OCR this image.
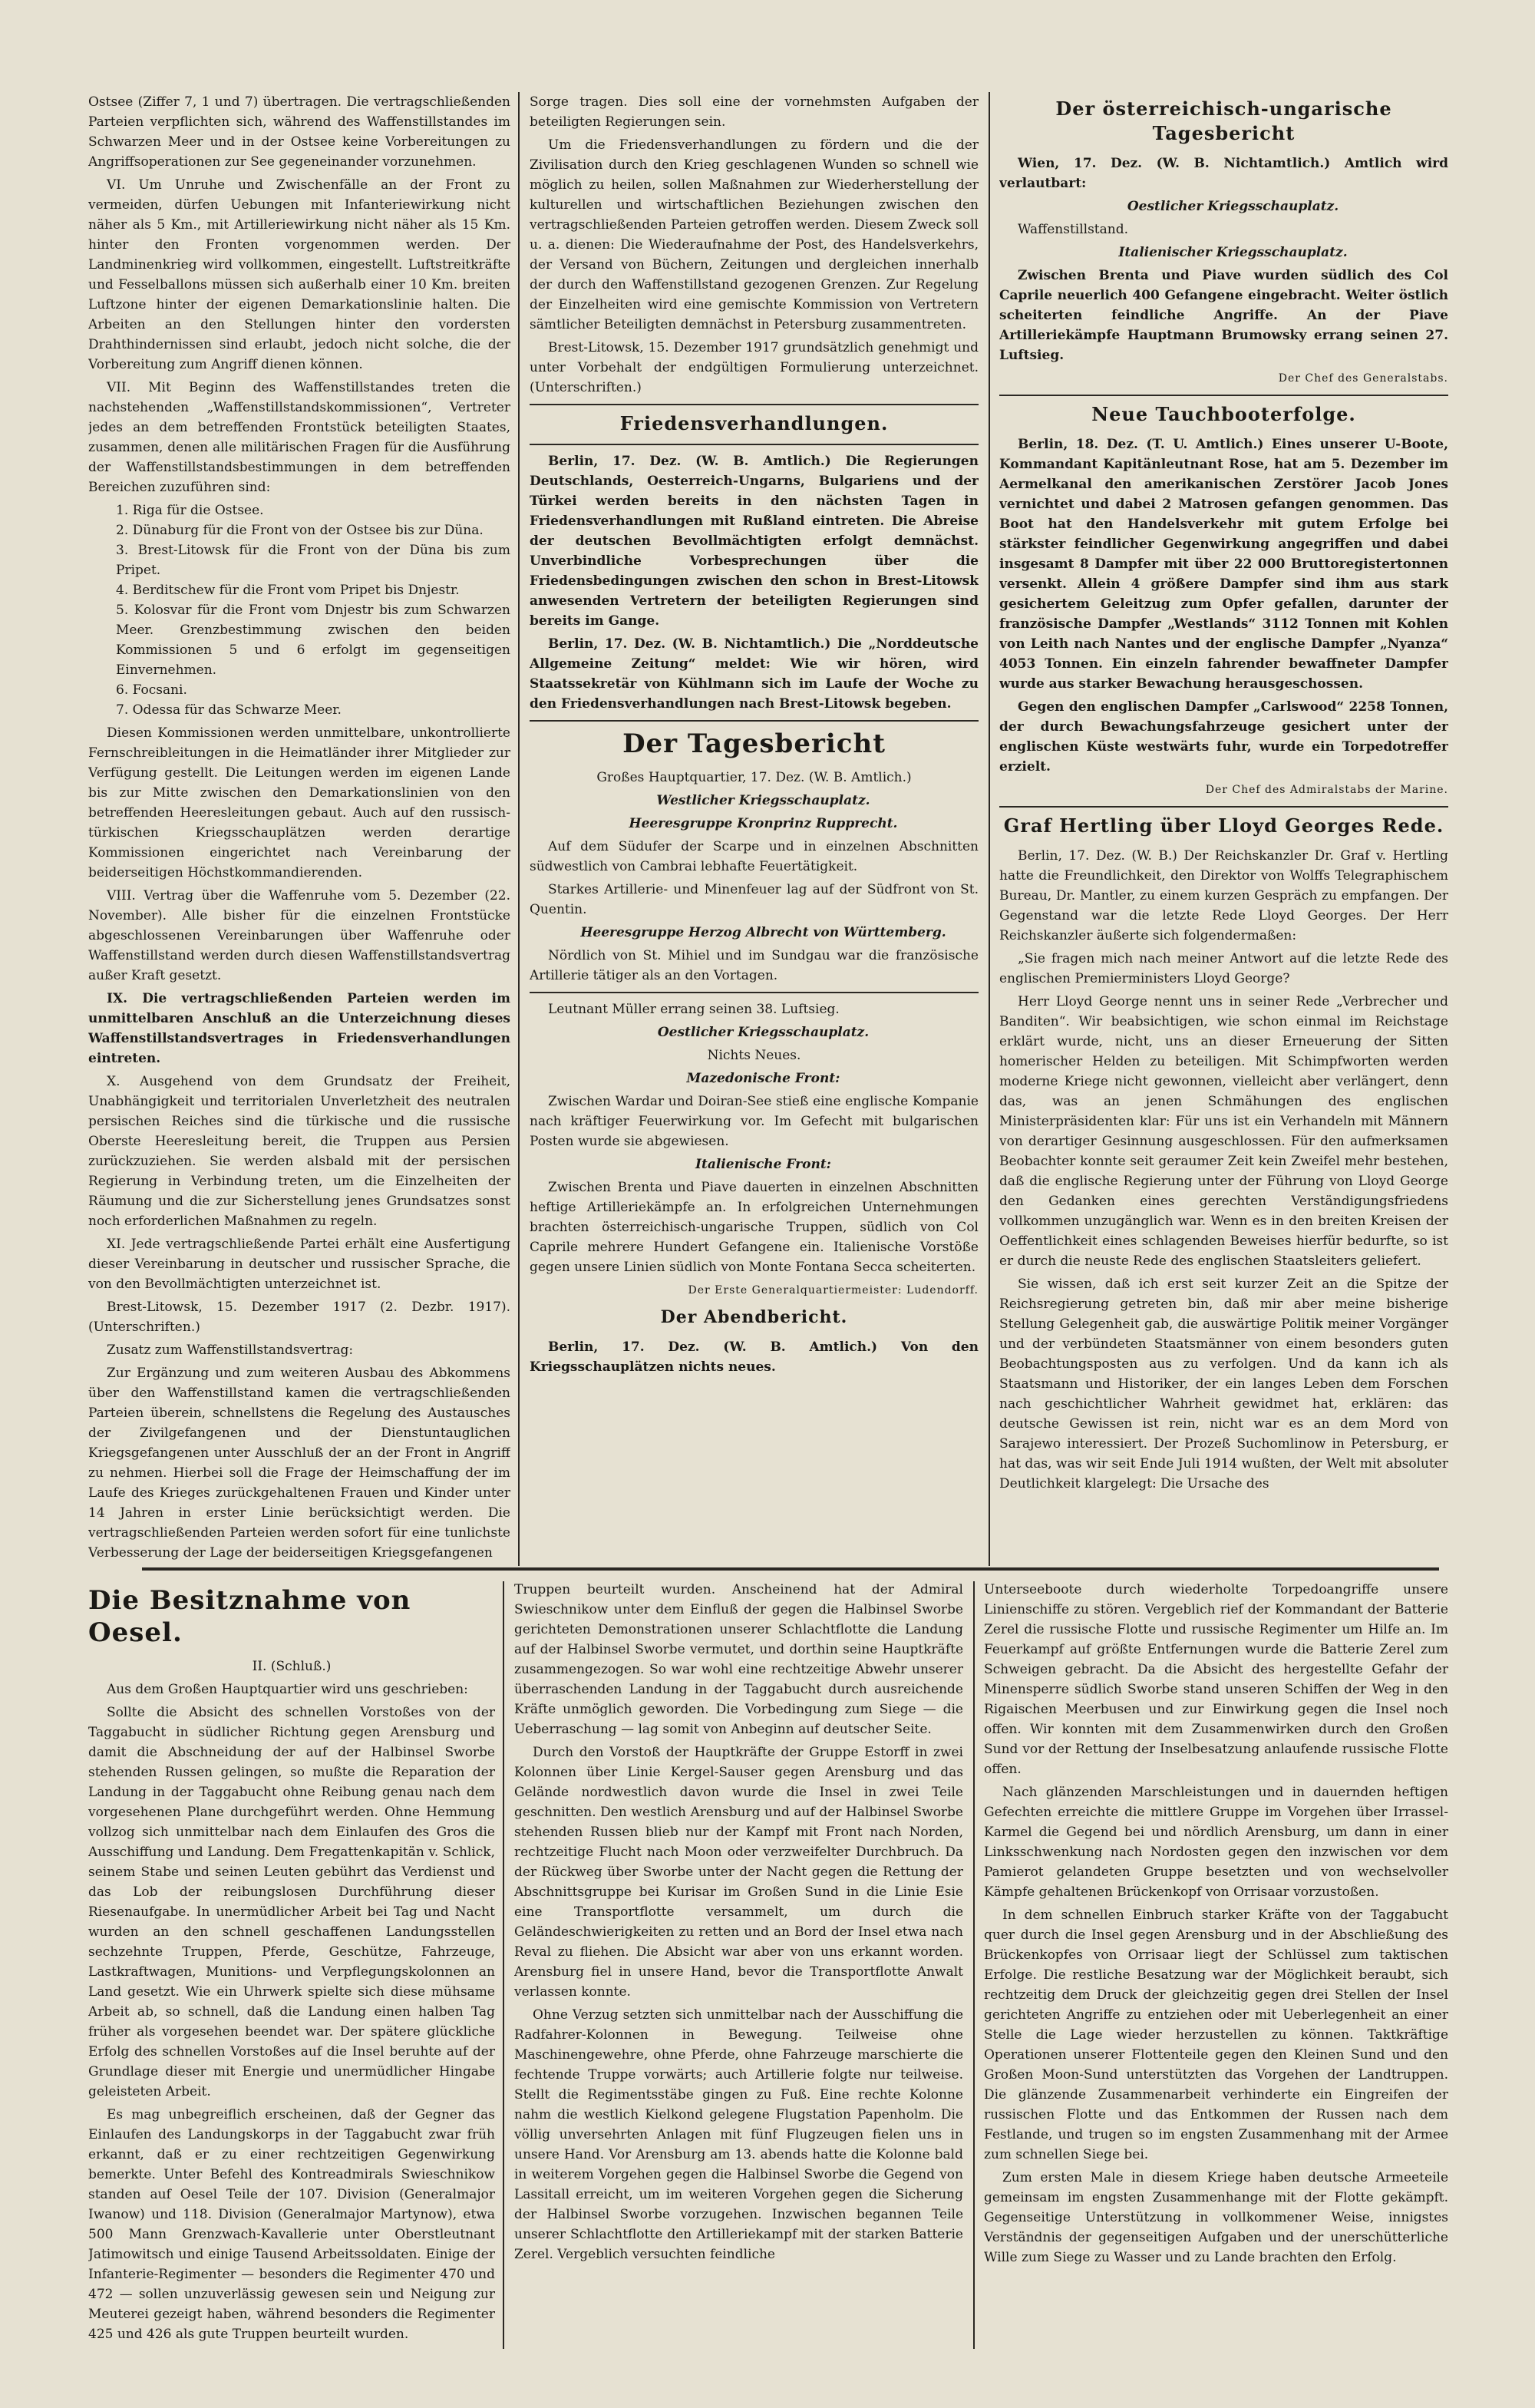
Ostsee (Ziffer 7, 1 und 7) übertragen. Die vertragschließenden Parteien verpflichten sich, während des Waffenstillstandes im Schwarzen Meer und in der Ostsee keine Vorbereitungen zu Angriffsoperationen zur See gegeneinander vorzunehmen.

VI. Um Unruhe und Zwischenfälle an der Front zu vermeiden, dürfen Uebungen mit Infanteriewirkung nicht näher als 5 Km., mit Artilleriewirkung nicht näher als 15 Km. hinter den Fronten vorgenommen werden. Der Landminenkrieg wird vollkommen, eingestellt. Luftstreitkräfte und Fesselballons müssen sich außerhalb einer 10 Km. breiten Luftzone hinter der eigenen Demarkationslinie halten. Die Arbeiten an den Stellungen hinter den vordersten Drahthindernissen sind erlaubt, jedoch nicht solche, die der Vorbereitung zum Angriff dienen können.

VII. Mit Beginn des Waffenstillstandes treten die nachstehenden „Waffenstillstandskommissionen“, Vertreter jedes an dem betreffenden Frontstück beteiligten Staates, zusammen, denen alle militärischen Fragen für die Ausführung der Waffenstillstandsbestimmungen in dem betreffenden Bereichen zuzuführen sind:

1. Riga für die Ostsee.
2. Dünaburg für die Front von der Ostsee bis zur Düna.
3. Brest-Litowsk für die Front von der Düna bis zum Pripet.
4. Berditschew für die Front vom Pripet bis Dnjestr.
5. Kolosvar für die Front vom Dnjestr bis zum Schwarzen Meer. Grenzbestimmung zwischen den beiden Kommissionen 5 und 6 erfolgt im gegenseitigen Einvernehmen.
6. Focsani.
7. Odessa für das Schwarze Meer.

Diesen Kommissionen werden unmittelbare, unkontrollierte Fernschreibleitungen in die Heimatländer ihrer Mitglieder zur Verfügung gestellt. Die Leitungen werden im eigenen Lande bis zur Mitte zwischen den Demarkationslinien von den betreffenden Heeresleitungen gebaut. Auch auf den russisch-türkischen Kriegsschauplätzen werden derartige Kommissionen eingerichtet nach Vereinbarung der beiderseitigen Höchstkommandierenden.

VIII. Vertrag über die Waffenruhe vom 5. Dezember (22. November). Alle bisher für die einzelnen Frontstücke abgeschlossenen Vereinbarungen über Waffenruhe oder Waffenstillstand werden durch diesen Waffenstillstandsvertrag außer Kraft gesetzt.

IX. Die vertragschließenden Parteien werden im unmittelbaren Anschluß an die Unterzeichnung dieses Waffenstillstandsvertrages in Friedensverhandlungen eintreten.

X. Ausgehend von dem Grundsatz der Freiheit, Unabhängigkeit und territorialen Unverletzheit des neutralen persischen Reiches sind die türkische und die russische Oberste Heeresleitung bereit, die Truppen aus Persien zurückzuziehen. Sie werden alsbald mit der persischen Regierung in Verbindung treten, um die Einzelheiten der Räumung und die zur Sicherstellung jenes Grundsatzes sonst noch erforderlichen Maßnahmen zu regeln.

XI. Jede vertragschließende Partei erhält eine Ausfertigung dieser Vereinbarung in deutscher und russischer Sprache, die von den Bevollmächtigten unterzeichnet ist.

Brest-Litowsk, 15. Dezember 1917 (2. Dezbr. 1917). (Unterschriften.)

Zusatz zum Waffenstillstandsvertrag:

Zur Ergänzung und zum weiteren Ausbau des Abkommens über den Waffenstillstand kamen die vertragschließenden Parteien überein, schnellstens die Regelung des Austausches der Zivilgefangenen und der Dienstuntauglichen Kriegsgefangenen unter Ausschluß der an der Front in Angriff zu nehmen. Hierbei soll die Frage der Heimschaffung der im Laufe des Krieges zurückgehaltenen Frauen und Kinder unter 14 Jahren in erster Linie berücksichtigt werden. Die vertragschließenden Parteien werden sofort für eine tunlichste Verbesserung der Lage der beiderseitigen Kriegsgefangenen

Sorge tragen. Dies soll eine der vornehmsten Aufgaben der beteiligten Regierungen sein.

Um die Friedensverhandlungen zu fördern und die der Zivilisation durch den Krieg geschlagenen Wunden so schnell wie möglich zu heilen, sollen Maßnahmen zur Wiederherstellung der kulturellen und wirtschaftlichen Beziehungen zwischen den vertragschließenden Parteien getroffen werden. Diesem Zweck soll u. a. dienen: Die Wiederaufnahme der Post, des Handelsverkehrs, der Versand von Büchern, Zeitungen und dergleichen innerhalb der durch den Waffenstillstand gezogenen Grenzen. Zur Regelung der Einzelheiten wird eine gemischte Kommission von Vertretern sämtlicher Beteiligten demnächst in Petersburg zusammentreten.

Brest-Litowsk, 15. Dezember 1917 grundsätzlich genehmigt und unter Vorbehalt der endgültigen Formulierung unterzeichnet. (Unterschriften.)

Friedensverhandlungen.

Berlin, 17. Dez. (W. B. Amtlich.) Die Regierungen Deutschlands, Oesterreich-Ungarns, Bulgariens und der Türkei werden bereits in den nächsten Tagen in Friedensverhandlungen mit Rußland eintreten. Die Abreise der deutschen Bevollmächtigten erfolgt demnächst. Unverbindliche Vorbesprechungen über die Friedensbedingungen zwischen den schon in Brest-Litowsk anwesenden Vertretern der beteiligten Regierungen sind bereits im Gange.

Berlin, 17. Dez. (W. B. Nichtamtlich.) Die „Norddeutsche Allgemeine Zeitung“ meldet: Wie wir hören, wird Staatssekretär von Kühlmann sich im Laufe der Woche zu den Friedensverhandlungen nach Brest-Litowsk begeben.

Der Tagesbericht

Großes Hauptquartier, 17. Dez. (W. B. Amtlich.)

Westlicher Kriegsschauplatz.

Heeresgruppe Kronprinz Rupprecht.

Auf dem Südufer der Scarpe und in einzelnen Abschnitten südwestlich von Cambrai lebhafte Feuertätigkeit.

Starkes Artillerie- und Minenfeuer lag auf der Südfront von St. Quentin.

Heeresgruppe Herzog Albrecht von Württemberg.

Nördlich von St. Mihiel und im Sundgau war die französische Artillerie tätiger als an den Vortagen.

Leutnant Müller errang seinen 38. Luftsieg.

Oestlicher Kriegsschauplatz.

Nichts Neues.

Mazedonische Front:

Zwischen Wardar und Doiran-See stieß eine englische Kompanie nach kräftiger Feuerwirkung vor. Im Gefecht mit bulgarischen Posten wurde sie abgewiesen.

Italienische Front:

Zwischen Brenta und Piave dauerten in einzelnen Abschnitten heftige Artilleriekämpfe an. In erfolgreichen Unternehmungen brachten österreichisch-ungarische Truppen, südlich von Col Caprile mehrere Hundert Gefangene ein. Italienische Vorstöße gegen unsere Linien südlich von Monte Fontana Secca scheiterten.

Der Erste Generalquartiermeister: Ludendorff.

Der Abendbericht.

Berlin, 17. Dez. (W. B. Amtlich.) Von den Kriegsschauplätzen nichts neues.

Der österreichisch-ungarische Tagesbericht

Wien, 17. Dez. (W. B. Nichtamtlich.) Amtlich wird verlautbart:

Oestlicher Kriegsschauplatz.

Waffenstillstand.

Italienischer Kriegsschauplatz.

Zwischen Brenta und Piave wurden südlich des Col Caprile neuerlich 400 Gefangene eingebracht. Weiter östlich scheiterten feindliche Angriffe. An der Piave Artilleriekämpfe Hauptmann Brumowsky errang seinen 27. Luftsieg.

Der Chef des Generalstabs.

Neue Tauchbooterfolge.

Berlin, 18. Dez. (T. U. Amtlich.) Eines unserer U-Boote, Kommandant Kapitänleutnant Rose, hat am 5. Dezember im Aermelkanal den amerikanischen Zerstörer Jacob Jones vernichtet und dabei 2 Matrosen gefangen genommen. Das Boot hat den Handelsverkehr mit gutem Erfolge bei stärkster feindlicher Gegenwirkung angegriffen und dabei insgesamt 8 Dampfer mit über 22 000 Bruttoregistertonnen versenkt. Allein 4 größere Dampfer sind ihm aus stark gesichertem Geleitzug zum Opfer gefallen, darunter der französische Dampfer „Westlands“ 3112 Tonnen mit Kohlen von Leith nach Nantes und der englische Dampfer „Nyanza“ 4053 Tonnen. Ein einzeln fahrender bewaffneter Dampfer wurde aus starker Bewachung herausgeschossen.

Gegen den englischen Dampfer „Carlswood“ 2258 Tonnen, der durch Bewachungsfahrzeuge gesichert unter der englischen Küste westwärts fuhr, wurde ein Torpedotreffer erzielt.

Der Chef des Admiralstabs der Marine.

Graf Hertling über Lloyd Georges Rede.

Berlin, 17. Dez. (W. B.) Der Reichskanzler Dr. Graf v. Hertling hatte die Freundlichkeit, den Direktor von Wolffs Telegraphischem Bureau, Dr. Mantler, zu einem kurzen Gespräch zu empfangen. Der Gegenstand war die letzte Rede Lloyd Georges. Der Herr Reichskanzler äußerte sich folgendermaßen:

„Sie fragen mich nach meiner Antwort auf die letzte Rede des englischen Premierministers Lloyd George?

Herr Lloyd George nennt uns in seiner Rede „Verbrecher und Banditen“. Wir beabsichtigen, wie schon einmal im Reichstage erklärt wurde, nicht, uns an dieser Erneuerung der Sitten homerischer Helden zu beteiligen. Mit Schimpfworten werden moderne Kriege nicht gewonnen, vielleicht aber verlängert, denn das, was an jenen Schmähungen des englischen Ministerpräsidenten klar: Für uns ist ein Verhandeln mit Männern von derartiger Gesinnung ausgeschlossen. Für den aufmerksamen Beobachter konnte seit geraumer Zeit kein Zweifel mehr bestehen, daß die englische Regierung unter der Führung von Lloyd George den Gedanken eines gerechten Verständigungsfriedens vollkommen unzugänglich war. Wenn es in den breiten Kreisen der Oeffentlichkeit eines schlagenden Beweises hierfür bedurfte, so ist er durch die neuste Rede des englischen Staatsleiters geliefert.

Sie wissen, daß ich erst seit kurzer Zeit an die Spitze der Reichsregierung getreten bin, daß mir aber meine bisherige Stellung Gelegenheit gab, die auswärtige Politik meiner Vorgänger und der verbündeten Staatsmänner von einem besonders guten Beobachtungsposten aus zu verfolgen. Und da kann ich als Staatsmann und Historiker, der ein langes Leben dem Forschen nach geschichtlicher Wahrheit gewidmet hat, erklären: das deutsche Gewissen ist rein, nicht war es an dem Mord von Sarajewo interessiert. Der Prozeß Suchomlinow in Petersburg, er hat das, was wir seit Ende Juli 1914 wußten, der Welt mit absoluter Deutlichkeit klargelegt: Die Ursache des

Die Besitznahme von Oesel.

II. (Schluß.)

Aus dem Großen Hauptquartier wird uns geschrieben:

Sollte die Absicht des schnellen Vorstoßes von der Taggabucht in südlicher Richtung gegen Arensburg und damit die Abschneidung der auf der Halbinsel Sworbe stehenden Russen gelingen, so mußte die Reparation der Landung in der Taggabucht ohne Reibung genau nach dem vorgesehenen Plane durchgeführt werden. Ohne Hemmung vollzog sich unmittelbar nach dem Einlaufen des Gros die Ausschiffung und Landung. Dem Fregattenkapitän v. Schlick, seinem Stabe und seinen Leuten gebührt das Verdienst und das Lob der reibungslosen Durchführung dieser Riesenaufgabe. In unermüdlicher Arbeit bei Tag und Nacht wurden an den schnell geschaffenen Landungsstellen sechzehnte Truppen, Pferde, Geschütze, Fahrzeuge, Lastkraftwagen, Munitions- und Verpflegungskolonnen an Land gesetzt. Wie ein Uhrwerk spielte sich diese mühsame Arbeit ab, so schnell, daß die Landung einen halben Tag früher als vorgesehen beendet war. Der spätere glückliche Erfolg des schnellen Vorstoßes auf die Insel beruhte auf der Grundlage dieser mit Energie und unermüdlicher Hingabe geleisteten Arbeit.

Es mag unbegreiflich erscheinen, daß der Gegner das Einlaufen des Landungskorps in der Taggabucht zwar früh erkannt, daß er zu einer rechtzeitigen Gegenwirkung bemerkte. Unter Befehl des Kontreadmirals Swieschnikow standen auf Oesel Teile der 107. Division (Generalmajor Iwanow) und 118. Division (Generalmajor Martynow), etwa 500 Mann Grenzwach-Kavallerie unter Oberstleutnant Jatimowitsch und einige Tausend Arbeitssoldaten. Einige der Infanterie-Regimenter — besonders die Regimenter 470 und 472 — sollen unzuverlässig gewesen sein und Neigung zur Meuterei gezeigt haben, während besonders die Regimenter 425 und 426 als gute Truppen beurteilt wurden.

Truppen beurteilt wurden. Anscheinend hat der Admiral Swieschnikow unter dem Einfluß der gegen die Halbinsel Sworbe gerichteten Demonstrationen unserer Schlachtflotte die Landung auf der Halbinsel Sworbe vermutet, und dorthin seine Hauptkräfte zusammengezogen. So war wohl eine rechtzeitige Abwehr unserer überraschenden Landung in der Taggabucht durch ausreichende Kräfte unmöglich geworden. Die Vorbedingung zum Siege — die Ueberraschung — lag somit von Anbeginn auf deutscher Seite.

Durch den Vorstoß der Hauptkräfte der Gruppe Estorff in zwei Kolonnen über Linie Kergel-Sauser gegen Arensburg und das Gelände nordwestlich davon wurde die Insel in zwei Teile geschnitten. Den westlich Arensburg und auf der Halbinsel Sworbe stehenden Russen blieb nur der Kampf mit Front nach Norden, rechtzeitige Flucht nach Moon oder verzweifelter Durchbruch. Da der Rückweg über Sworbe unter der Nacht gegen die Rettung der Abschnittsgruppe bei Kurisar im Großen Sund in die Linie Esie eine Transportflotte versammelt, um durch die Geländeschwierigkeiten zu retten und an Bord der Insel etwa nach Reval zu fliehen. Die Absicht war aber von uns erkannt worden. Arensburg fiel in unsere Hand, bevor die Transportflotte Anwalt verlassen konnte.

Ohne Verzug setzten sich unmittelbar nach der Ausschiffung die Radfahrer-Kolonnen in Bewegung. Teilweise ohne Maschinengewehre, ohne Pferde, ohne Fahrzeuge marschierte die fechtende Truppe vorwärts; auch Artillerie folgte nur teilweise. Stellt die Regimentsstäbe gingen zu Fuß. Eine rechte Kolonne nahm die westlich Kielkond gelegene Flugstation Papenholm. Die völlig unversehrten Anlagen mit fünf Flugzeugen fielen uns in unsere Hand. Vor Arensburg am 13. abends hatte die Kolonne bald in weiterem Vorgehen gegen die Halbinsel Sworbe die Gegend von Lassitall erreicht, um im weiteren Vorgehen gegen die Sicherung der Halbinsel Sworbe vorzugehen. Inzwischen begannen Teile unserer Schlachtflotte den Artilleriekampf mit der starken Batterie Zerel. Vergeblich versuchten feindliche

Unterseeboote durch wiederholte Torpedoangriffe unsere Linienschiffe zu stören. Vergeblich rief der Kommandant der Batterie Zerel die russische Flotte und russische Regimenter um Hilfe an. Im Feuerkampf auf größte Entfernungen wurde die Batterie Zerel zum Schweigen gebracht. Da die Absicht des hergestellte Gefahr der Minensperre südlich Sworbe stand unseren Schiffen der Weg in den Rigaischen Meerbusen und zur Einwirkung gegen die Insel noch offen. Wir konnten mit dem Zusammenwirken durch den Großen Sund vor der Rettung der Inselbesatzung anlaufende russische Flotte offen.

Nach glänzenden Marschleistungen und in dauernden heftigen Gefechten erreichte die mittlere Gruppe im Vorgehen über Irrassel-Karmel die Gegend bei und nördlich Arensburg, um dann in einer Linksschwenkung nach Nordosten gegen den inzwischen vor dem Pamierot gelandeten Gruppe besetzten und von wechselvoller Kämpfe gehaltenen Brückenkopf von Orrisaar vorzustoßen.

In dem schnellen Einbruch starker Kräfte von der Taggabucht quer durch die Insel gegen Arensburg und in der Abschließung des Brückenkopfes von Orrisaar liegt der Schlüssel zum taktischen Erfolge. Die restliche Besatzung war der Möglichkeit beraubt, sich rechtzeitig dem Druck der gleichzeitig gegen drei Stellen der Insel gerichteten Angriffe zu entziehen oder mit Ueberlegenheit an einer Stelle die Lage wieder herzustellen zu können. Taktkräftige Operationen unserer Flottenteile gegen den Kleinen Sund und den Großen Moon-Sund unterstützten das Vorgehen der Landtruppen. Die glänzende Zusammenarbeit verhinderte ein Eingreifen der russischen Flotte und das Entkommen der Russen nach dem Festlande, und trugen so im engsten Zusammenhang mit der Armee zum schnellen Siege bei.

Zum ersten Male in diesem Kriege haben deutsche Armeeteile gemeinsam im engsten Zusammenhange mit der Flotte gekämpft. Gegenseitige Unterstützung in vollkommener Weise, innigstes Verständnis der gegenseitigen Aufgaben und der unerschütterliche Wille zum Siege zu Wasser und zu Lande brachten den Erfolg.
